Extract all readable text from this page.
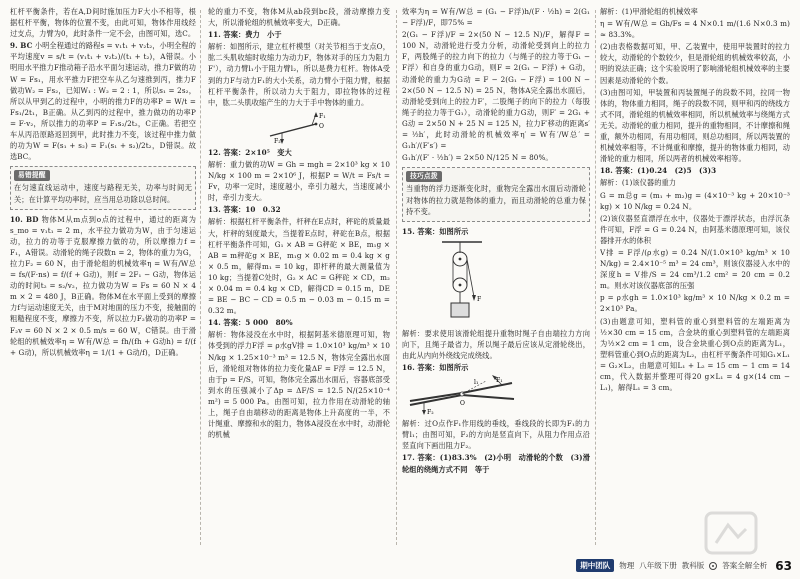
杠杆平衡条件，若在A,D间时施加压力F大小不相等，根据杠杆平衡，物体的位置不变，由此可知，物体作用线经过支点，力臂为0，此时条件一定不会，由图可知，选C。

9. BC 小明全程通过的路程s = v₁t₁ + v₂t₂，小明全程的平均速度v = s/t = (v₁t₁ + v₂t₂)/(t₁ + t₂)，A错误。小明用水平推力F推动箱子沿水平面匀速运动，推力F做的功W = Fs₁，用水平推力F把空车从乙匀速推到丙，推力F做功W₂ = Fs₂，已知W₁ : W₂ = 2 : 1，所以s₁ = 2s₂，所以从甲到乙的过程中，小明的推力F的功率P = W/t = Fs₁/2t₁，B正确。从乙到丙的过程中，推力做功的功率P = F·v₂，所以推力的功率P = F₁s₂/2t₂，C正确。若把空车从丙沿原路返回到甲，此时推力不变，该过程中推力做的功为W = F(s₁ + s₂) = F₁(s₁ + s₂)/2t₂，D错误。故选BC。

易错提醒

在匀速直线运动中，速度与路程无关，功率与时间无关；在计算平均功率时，应当用总功除以总时间。

10. BD 物体M从m点到o点的过程中，通过的距离为s_mo = v₁t₁ = 2 m，水平拉力做功为W，由于匀速运动，拉力的功等于克服摩擦力做的功，所以摩擦力f = F₁，A错误。动滑轮的绳子段数n = 2，物体的重力为G，拉力F₂ = 60 N，由于滑轮组的机械效率η = W有/W总 = fs/(F·ns) = f/(f + G动)，则f = 2F₁ − G动，物体运动的时间t₂ = s₂/v₂，拉力做功为W = Fs = 60 N × 4 m × 2 = 480 J，B正确。物体M在水平面上受到的摩擦力f与运动速度无关，由于M对地面的压力不变，接触面的粗糙程度不变，摩擦力不变，所以拉力F₂做功的功率P = F₂v = 60 N × 2 × 0.5 m/s = 60 W，C错误。由于滑轮组的机械效率η = W有/W总 = fh/(fh + G动h) = f/(f + G动)，所以机械效率η = 1/(1 + G动/f)，D正确。

轮的重力不变，物体M从ab段到bc段，滑动摩擦力变大，所以滑轮组的机械效率变大，D正确。

11. 答案：费力　小于

解析：如图所示，建立杠杆模型（对关节相当于支点O，肱二头肌收缩时收缩力为动力F，物体对手的压力为阻力F'），动力臂l₁小于阻力臂l₂，所以是费力杠杆。物体A受到的力F与动力F₁的大小关系，动力臂小于阻力臂，根据杠杆平衡条件，所以动力大于阻力，即拉物体的过程中，肱二头肌收缩产生的力大于手中物体的重力。

F₁
O
F₂

12. 答案：2×10⁵　变大

解析：重力做的功W = Gh = mgh = 2×10³ kg × 10 N/kg × 100 m = 2×10⁶ J，根据P = W/t = Fs/t = Fv，功率一定时，速度越小，牵引力越大，当速度减小时，牵引力变大。

13. 答案：10　0.32

解析：根据杠杆平衡条件，杆秤在E点时，秤砣的质量最大，杆秤的刻度最大，当提着E点时，秤砣在B点，根据杠杆平衡条件可知，G₁ × AB = G秤砣 × BE，m₁g × AB = m秤砣g × BE，m₁g × 0.02 m = 0.4 kg × g × 0.5 m，解得m₁ = 10 kg，即杆秤的最大测量值为10 kg；当提着C处时，G₂ × AC = G秤砣 × CD，m₂ × 0.04 m = 0.4 kg × CD，解得CD = 0.15 m，DE = BE − BC − CD = 0.5 m − 0.03 m − 0.15 m = 0.32 m。

14. 答案：5 000　80%

解析：物体浸没在水中时，根据阿基米德原理可知，物体受到的浮力F浮 = ρ水gV排 = 1.0×10³ kg/m³ × 10 N/kg × 1.25×10⁻³ m³ = 12.5 N，物体完全露出水面后，滑轮组对物体的拉力变化量ΔF = F浮 = 12.5 N，由于p = F/S，可知，物体完全露出水面后，容器底部受到水的压强减小了Δp = ΔF/S = 12.5 N/(25×10⁻⁴ m²) = 5 000 Pa。由图可知，拉力作用在动滑轮的轴上，绳子自由端移动的距离是物体上升高度的一半，不计绳重、摩擦和水的阻力，物体A浸没在水中时，动滑轮的机械

效率为η = W有/W总 = (G₁ − F浮)h/(F · ½h) = 2(G₁ − F浮)/F，即75% =

2(G₁ − F浮)/F = 2×(50 N − 12.5 N)/F，解得F = 100 N，动滑轮进行受力分析，动滑轮受到向上的拉力F，两股绳子的拉力向下的拉力（与绳子的拉力等于G₁ − F浮）和自身的重力G动，则F = 2(G₁ − F浮) + G动，动滑轮的重力为G动 = F − 2(G₁ − F浮) = 100 N − 2×(50 N − 12.5 N) = 25 N，物体A完全露出水面后，动滑轮受到向上的拉力F′，二股绳子的向下的拉力（每股绳子的拉力等于G₁），动滑轮的重力G动，则F′ = 2G₁ + G动 = 2×50 N + 25 N = 125 N，拉力F′移动的距离s′ = ½h′，此时动滑轮的机械效率η′ = W有′/W总′ = G₁h′/(F′s′) =

G₁h′/(F′ · ½h′) = 2×50 N/125 N = 80%。

技巧点拨

当重物的浮力逐渐变化时，重物完全露出水面后动滑轮对物体的拉力就是物体的重力，而且动滑轮的总重力保持不变。

15. 答案：如图所示

F

解析：要求使用该滑轮组提升重物时绳子自由端拉力方向向下，且绳子最省力，所以绳子最后应该从定滑轮绕出，由此从内向外绕线完成绕线。

16. 答案：如图所示

F₁
O
l₁
F₂

解析：过O点作F₁作用线的垂线，垂线段的长即为F₁的力臂l₁；由图可知，F₂的方向是竖直向下，从阻力作用点沿竖直向下画出阻力F₂。

17. 答案：(1)83.3%　(2)小明　动滑轮的个数　(3)滑轮组的绕绳方式不同　等于

解析：(1)甲滑轮组的机械效率

η = W有/W总 = Gh/Fs = 4 N×0.1 m/(1.6 N×0.3 m) ≈ 83.3%。

(2)由表格数据可知，甲、乙装置中，使用甲装置时的拉力较大，动滑轮的个数较少，但是滑轮组的机械效率较高，小明的说法正确；这个实验说明了影响滑轮组机械效率的主要因素是动滑轮的个数。

(3)由图可知，甲装置和丙装置绳子的段数不同，拉同一物体的，物体重力相同，绳子的段数不同，则甲和丙的绕线方式不同，滑轮组的机械效率相同，所以机械效率与绕绳方式无关。动滑轮的重力相同，提升的重物相同，不计摩擦和绳重，额外功相同，有用功相同，则总功相同，所以两装置的机械效率相等，不计绳重和摩擦，提升的物体重力相同，动滑轮的重力相同，所以两者的机械效率相等。

18. 答案：(1)0.24　(2)5　(3)3

解析：(1)该仪器的重力

G = m总g = (m₁ + m₂)g = (4×10⁻³ kg + 20×10⁻³ kg) × 10 N/kg = 0.24 N。

(2)该仪器竖直漂浮在水中，仪器处于漂浮状态，由浮沉条件可知，F浮 = G = 0.24 N，由阿基米德原理可知，该仪器排开水的体积

V排 = F浮/(ρ水g) = 0.24 N/(1.0×10³ kg/m³ × 10 N/kg) = 2.4×10⁻⁵ m³ = 24 cm³，则该仪器浸入水中的深度h = V排/S = 24 cm³/1.2 cm² = 20 cm = 0.2 m。则水对该仪器底部的压强

p = ρ水gh = 1.0×10³ kg/m³ × 10 N/kg × 0.2 m = 2×10³ Pa。

(3)由题意可知，塑料管的重心到塑料管的左端距离为½×30 cm = 15 cm，合金块的重心到塑料管的左端距离为½×2 cm = 1 cm，设合金块重心到O点的距离为L₁，塑料管重心到O点的距离为L₂，由杠杆平衡条件可知G₁×L₁ = G₂×L₂，由题意可知L₁ + L₂ = 15 cm − 1 cm = 14 cm，代入数据并整理可得20 g×L₁ = 4 g×(14 cm − L₁)，解得L₁ = 3 cm。

期中团队	物理 八年级下册 教科版 答案全解全析 63
